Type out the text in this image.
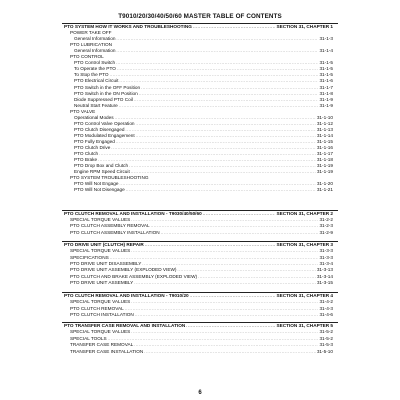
T9010/20/30/40/50/60 MASTER TABLE OF CONTENTS
PTO SYSTEM HOW IT WORKS AND TROUBLESHOOTING .....	SECTION 31, CHAPTER 1
POWER TAKE OFF
General Information .....	31-1-3
PTO LUBRICATION
General Information .....	31-1-4
PTO CONTROL
PTO Control Switch .....	31-1-5
To Operate the PTO .....	31-1-5
To Stop the PTO .....	31-1-5
PTO Electrical Circuit .....	31-1-6
PTO Switch in the OFF Position .....	31-1-7
PTO Switch in the ON Position .....	31-1-8
Diode Suppressed PTO Coil .....	31-1-9
Neutral Start Feature .....	31-1-9
PTO VALVE
Operational Modes .....	31-1-10
PTO Control Valve Operation .....	31-1-12
PTO Clutch Disengaged .....	31-1-13
PTO Modulated Engagement .....	31-1-14
PTO Fully Engaged .....	31-1-15
PTO Clutch Drive .....	31-1-16
PTO Clutch .....	31-1-17
PTO Brake .....	31-1-18
PTO Drop Box and Clutch .....	31-1-19
Engine RPM Speed Circuit .....	31-1-19
PTO SYSTEM TROUBLESHOOTING
PTO Will Not Engage .....	31-1-20
PTO Will Not Disengage .....	31-1-21
PTO CLUTCH REMOVAL AND INSTALLATION - T9030/40/50/60 .....	SECTION 31, CHAPTER 2
SPECIAL TORQUE VALUES .....	31-2-2
PTO CLUTCH ASSEMBLY REMOVAL .....	31-2-3
PTO CLUTCH ASSEMBLY INSTALLATION .....	31-2-9
PTO DRIVE UNIT (CLUTCH) REPAIR .....	SECTION 31, CHAPTER 3
SPECIAL TORQUE VALUES .....	31-3-3
SPECIFICATIONS .....	31-3-3
PTO DRIVE UNIT DISASSEMBLY .....	31-3-4
PTO DRIVE UNIT ASSEMBLY (EXPLODED VIEW) .....	31-3-13
PTO CLUTCH AND BRAKE ASSEMBLY (EXPLODED VIEW) .....	31-3-14
PTO DRIVE UNIT ASSEMBLY .....	31-3-15
PTO CLUTCH REMOVAL AND INSTALLATION - T9010/20 .....	SECTION 31, CHAPTER 4
SPECIAL TORQUE VALUES .....	31-4-2
PTO CLUTCH REMOVAL .....	31-4-3
PTO CLUTCH INSTALLATION .....	31-4-6
PTO TRANSFER CASE REMOVAL AND INSTALLATION .....	SECTION 31, CHAPTER 5
SPECIAL TORQUE VALUES .....	31-5-2
SPECIAL TOOLS .....	31-5-2
TRANSFER CASE REMOVAL .....	31-5-3
TRANSFER CASE INSTALLATION .....	31-5-10
6
